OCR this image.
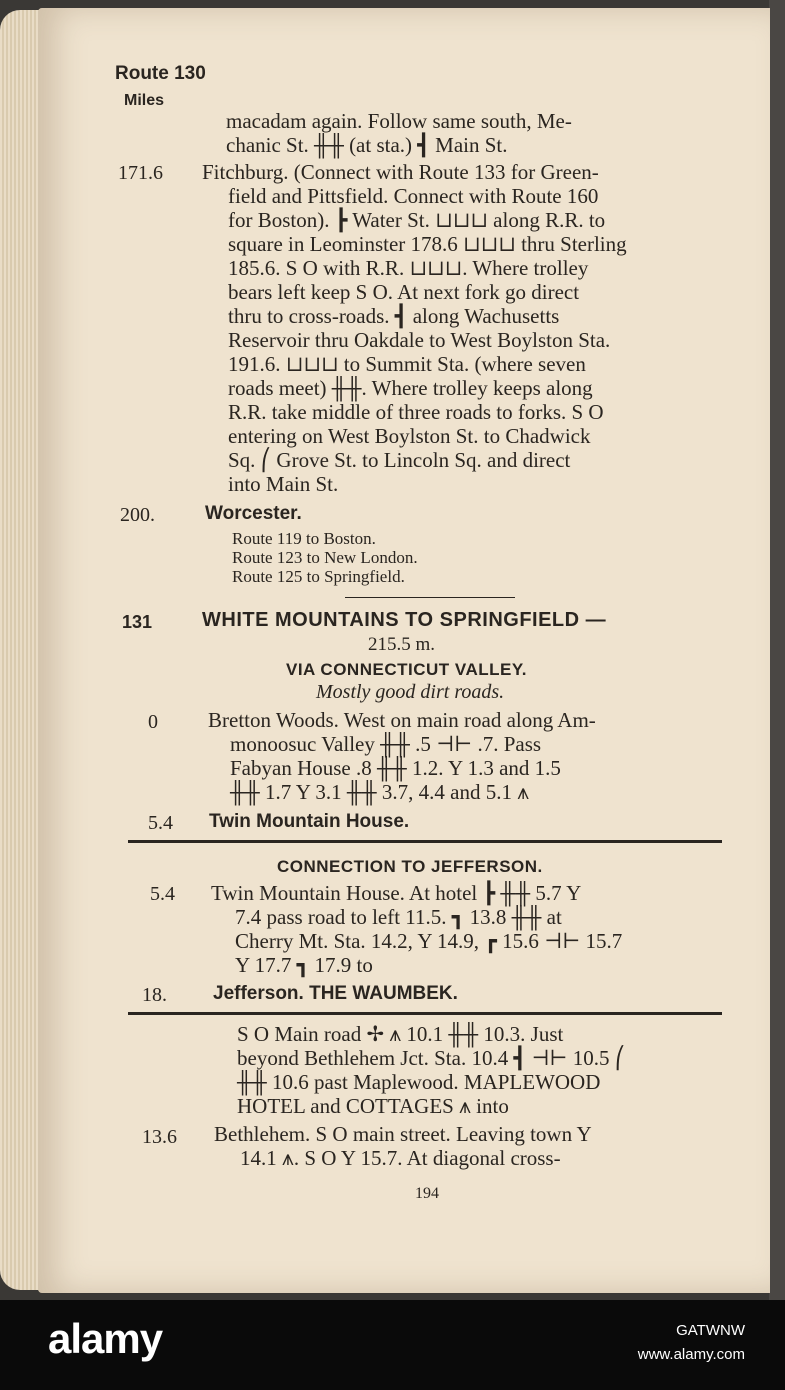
Route 130
Miles
macadam again. Follow same south, Me-
chanic St. ╫╫ (at sta.) ┫ Main St.
171.6 Fitchburg. (Connect with Route 133 for Green-
field and Pittsfield. Connect with Route 160
for Boston). ┣ Water St. ⊔⊔⊔ along R.R. to
square in Leominster 178.6 ⊔⊔⊔ thru Sterling
185.6. S O with R.R. ⊔⊔⊔. Where trolley
bears left keep S O. At next fork go direct
thru to cross-roads. ┫ along Wachusetts
Reservoir thru Oakdale to West Boylston Sta.
191.6. ⊔⊔⊔ to Summit Sta. (where seven
roads meet) ╫╫. Where trolley keeps along
R.R. take middle of three roads to forks. S O
entering on West Boylston St. to Chadwick
Sq. ⎛ Grove St. to Lincoln Sq. and direct
into Main St.
200.	Worcester.
Route 119 to Boston.
Route 123 to New London.
Route 125 to Springfield.
131 WHITE MOUNTAINS TO SPRINGFIELD —
215.5 m.
VIA CONNECTICUT VALLEY.
Mostly good dirt roads.
0 Bretton Woods. West on main road along Am-
monoosuc Valley ╫╫ .5 ⊣⊢ .7. Pass
Fabyan House .8 ╫╫ 1.2. Y 1.3 and 1.5
╫╫ 1.7 Y 3.1 ╫╫ 3.7, 4.4 and 5.1 ⩚
5.4 Twin Mountain House.
CONNECTION TO JEFFERSON.
5.4 Twin Mountain House. At hotel ┣ ╫╫ 5.7 Y
7.4 pass road to left 11.5. ┓ 13.8 ╫╫ at
Cherry Mt. Sta. 14.2, Y 14.9, ┏ 15.6 ⊣⊢ 15.7
Y 17.7 ┓ 17.9 to
18. Jefferson. THE WAUMBEK.
S O Main road ✢ ⩚ 10.1 ╫╫ 10.3. Just
beyond Bethlehem Jct. Sta. 10.4 ┫ ⊣⊢ 10.5 ⎛
╫╫ 10.6 past Maplewood. MAPLEWOOD
HOTEL and COTTAGES ⩚ into
13.6 Bethlehem. S O main street. Leaving town Y
14.1 ⩚. S O Y 15.7. At diagonal cross-
194
alamy	GATWNW
www.alamy.com
